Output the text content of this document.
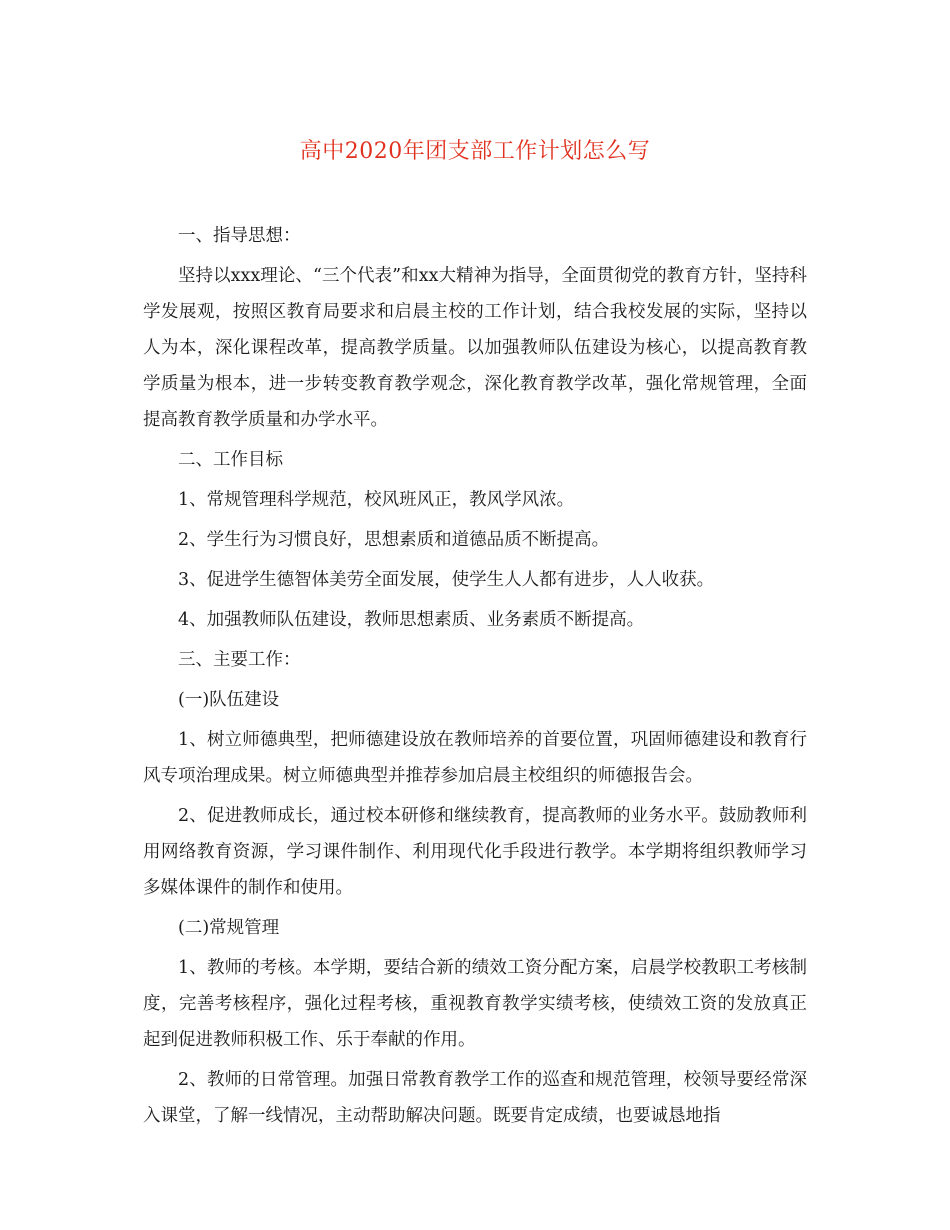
高中2020年团支部工作计划怎么写

一、指导思想：

坚持以xxx理论、“三个代表”和xx大精神为指导，全面贯彻党的教育方针，坚持科学发展观，按照区教育局要求和启晨主校的工作计划，结合我校发展的实际，坚持以人为本，深化课程改革，提高教学质量。以加强教师队伍建设为核心，以提高教育教学质量为根本，进一步转变教育教学观念，深化教育教学改革，强化常规管理，全面提高教育教学质量和办学水平。

二、工作目标

1、常规管理科学规范，校风班风正，教风学风浓。

2、学生行为习惯良好，思想素质和道德品质不断提高。

3、促进学生德智体美劳全面发展，使学生人人都有进步，人人收获。

4、加强教师队伍建设，教师思想素质、业务素质不断提高。

三、主要工作：

(一)队伍建设

1、树立师德典型，把师德建设放在教师培养的首要位置，巩固师德建设和教育行风专项治理成果。树立师德典型并推荐参加启晨主校组织的师德报告会。

2、促进教师成长，通过校本研修和继续教育，提高教师的业务水平。鼓励教师利用网络教育资源，学习课件制作、利用现代化手段进行教学。本学期将组织教师学习多媒体课件的制作和使用。

(二)常规管理

1、教师的考核。本学期，要结合新的绩效工资分配方案，启晨学校教职工考核制度，完善考核程序，强化过程考核，重视教育教学实绩考核，使绩效工资的发放真正起到促进教师积极工作、乐于奉献的作用。

2、教师的日常管理。加强日常教育教学工作的巡查和规范管理，校领导要经常深入课堂，了解一线情况，主动帮助解决问题。既要肯定成绩，也要诚恳地指
